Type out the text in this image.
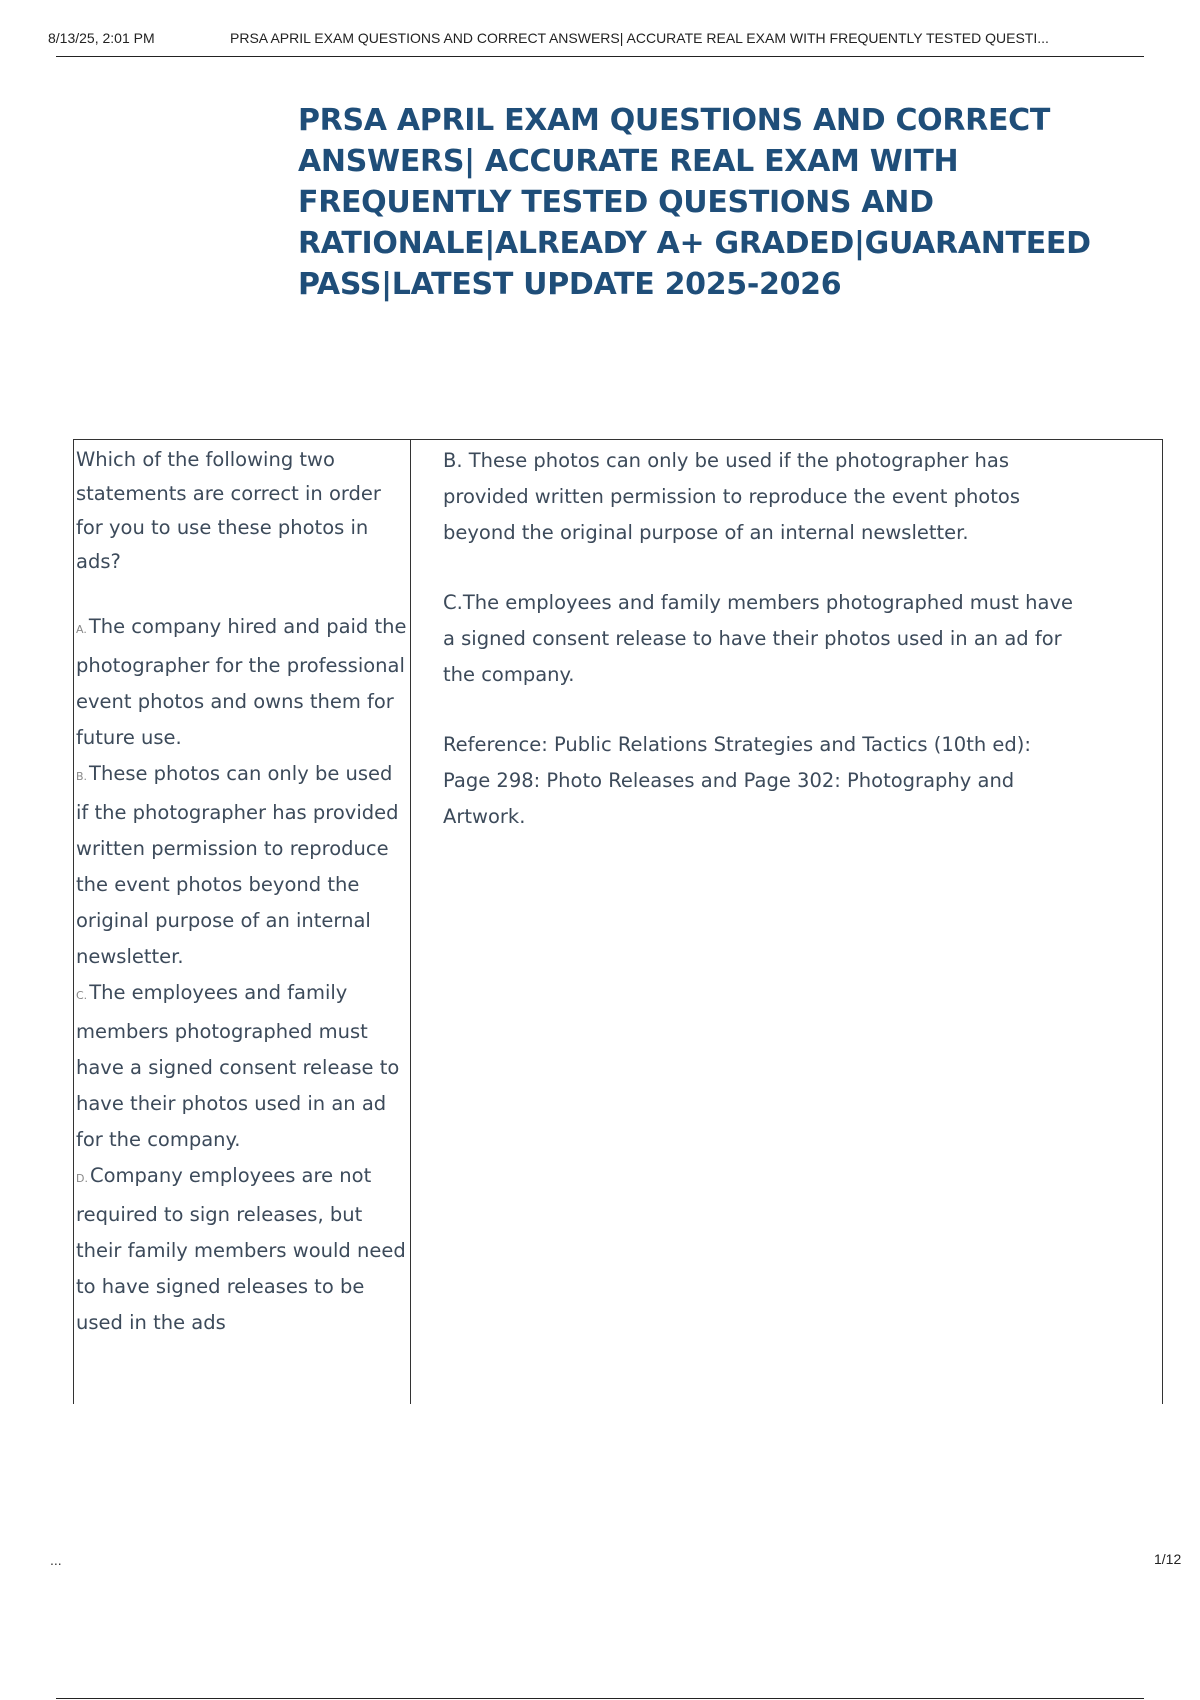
8/13/25, 2:01 PM	PRSA APRIL EXAM QUESTIONS AND CORRECT ANSWERS| ACCURATE REAL EXAM WITH FREQUENTLY TESTED QUESTI...
PRSA APRIL EXAM QUESTIONS AND CORRECT ANSWERS| ACCURATE REAL EXAM WITH FREQUENTLY TESTED QUESTIONS AND RATIONALE|ALREADY A+ GRADED|GUARANTEED PASS|LATEST UPDATE 2025-2026

Which of the following two statements are correct in order for you to use these photos in ads?

A. The company hired and paid the photographer for the professional event photos and owns them for future use.

B. These photos can only be used if the photographer has provided written permission to reproduce the event photos beyond the original purpose of an internal newsletter.

C. The employees and family members photographed must have a signed consent release to have their photos used in an ad for the company.

D. Company employees are not required to sign releases, but their family members would need to have signed releases to be used in the ads

B. These photos can only be used if the photographer has provided written permission to reproduce the event photos beyond the original purpose of an internal newsletter.

C.The employees and family members photographed must have a signed consent release to have their photos used in an ad for the company.

Reference: Public Relations Strategies and Tactics (10th ed): Page 298: Photo Releases and Page 302: Photography and Artwork.

...	1/12
